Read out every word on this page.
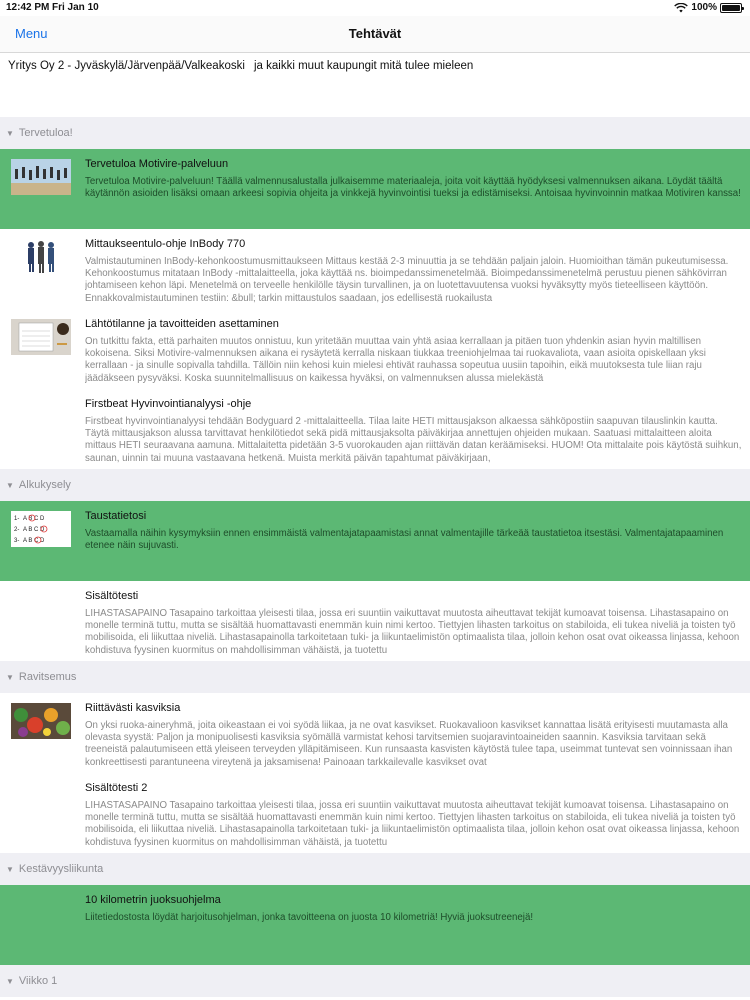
12:42 PM Fri Jan 10	100%
Menu	Tehtävät
Yritys Oy 2 - Jyväskylä/Järvenpää/Valkeakoski ja kaikki muut kaupungit mitä tulee mieleen
▼ Tervetuloa!
Tervetuloa Motivire-palveluun
Tervetuloa Motivire-palveluun! Täällä valmennusalustalla julkaisemme materiaaleja, joita voit käyttää hyödyksesi valmennuksen aikana. Löydät täältä käytännön asioiden lisäksi omaan arkeesi sopivia ohjeita ja vinkkejä hyvinvointisi tueksi ja edistämiseksi. Antoisaa hyvinvoinnin matkaa Motiviren kanssa!
Mittaukseentulo-ohje InBody 770
Valmistautuminen InBody-kehonkoostumusmittaukseen Mittaus kestää 2-3 minuuttia ja se tehdään paljain jaloin. Huomioithan tämän pukeutumisessa. Kehonkoostumus mitataan InBody -mittalaitteella, joka käyttää ns. bioimpedanssimenetelmää. Bioimpedanssimenetelmä perustuu pienen sähkövirran johtamiseen kehon läpi. Menetelmä on terveelle henkilölle täysin turvallinen, ja on luotettavuutensa vuoksi hyväksytty myös tieteelliseen käyttöön. Ennakkovalmistautuminen testiin: &bull; tarkin mittaustulos saadaan, jos edellisestä ruokailusta
Lähtötilanne ja tavoitteiden asettaminen
On tutkittu fakta, että parhaiten muutos onnistuu, kun yritetään muuttaa vain yhtä asiaa kerrallaan ja pitäen tuon yhdenkin asian hyvin maltillisen kokoisena. Siksi Motivire-valmennuksen aikana ei rysäytetä kerralla niskaan tiukkaa treeniohjelmaa tai ruokavaliota, vaan asioita opiskellaan yksi kerrallaan - ja sinulle sopivalla tahdilla. Tällöin niin kehosi kuin mielesi ehtivät rauhassa sopeutua uusiin tapoihin, eikä muutoksesta tule liian raju jäädäkseen pysyväksi. Koska suunnitelmallisuus on kaikessa hyväksi, on valmennuksen alussa mielekästä
Firstbeat Hyvinvointianalyysi -ohje
Firstbeat hyvinvointianalyysi tehdään Bodyguard 2 -mittalaitteella. Tilaa laite HETI mittausjakson alkaessa sähköpostiin saapuvan tilauslinkin kautta. Täytä mittausjakson alussa tarvittavat henkilötiedot sekä pidä mittausjaksolta päiväkirjaa annettujen ohjeiden mukaan. Saatuasi mittalaitteen aloita mittaus HETI seuraavana aamuna. Mittalaitetta pidetään 3-5 vuorokauden ajan riittävän datan keräämiseksi. HUOM! Ota mittalaite pois käytöstä suihkun, saunan, uinnin tai muuna vastaavana hetkenä. Muista merkitä päivän tapahtumat päiväkirjaan,
▼ Alkukysely
1- A B C D
2- A B C D
3- A B C D
Taustatietosi
Vastaamalla näihin kysymyksiin ennen ensimmäistä valmentajatapaamistasi annat valmentajille tärkeää taustatietoa itsestäsi. Valmentajatapaaminen etenee näin sujuvasti.
Sisältötesti
LIHASTASAPAINO Tasapaino tarkoittaa yleisesti tilaa, jossa eri suuntiin vaikuttavat muutosta aiheuttavat tekijät kumoavat toisensa. Lihastasapaino on monelle terminä tuttu, mutta se sisältää huomattavasti enemmän kuin nimi kertoo. Tiettyjen lihasten tarkoitus on stabiloida, eli tukea niveliä ja toisten työ mobilisoida, eli liikuttaa niveliä. Lihastasapainolla tarkoitetaan tuki- ja liikuntaelimistön optimaalista tilaa, jolloin kehon osat ovat oikeassa linjassa, kehoon kohdistuva fyysinen kuormitus on mahdollisimman vähäistä, ja tuotettu
▼ Ravitsemus
Riittävästi kasviksia
On yksi ruoka-aineryhmä, joita oikeastaan ei voi syödä liikaa, ja ne ovat kasvikset. Ruokavalioon kasvikset kannattaa lisätä erityisesti muutamasta alla olevasta syystä: Paljon ja monipuolisesti kasviksia syömällä varmistat kehosi tarvitsemien suojaravintoaineiden saannin. Kasviksia tarvitaan sekä treeneistä palautumiseen että yleiseen terveyden ylläpitämiseen. Kun runsaasta kasvisten käytöstä tulee tapa, useimmat tuntevat sen voinnissaan ihan konkreettisesti parantuneena vireytenä ja jaksamisena! Painoaan tarkkailevalle kasvikset ovat
Sisältötesti 2
LIHASTASAPAINO Tasapaino tarkoittaa yleisesti tilaa, jossa eri suuntiin vaikuttavat muutosta aiheuttavat tekijät kumoavat toisensa. Lihastasapaino on monelle terminä tuttu, mutta se sisältää huomattavasti enemmän kuin nimi kertoo. Tiettyjen lihasten tarkoitus on stabiloida, eli tukea niveliä ja toisten työ mobilisoida, eli liikuttaa niveliä. Lihastasapainolla tarkoitetaan tuki- ja liikuntaelimistön optimaalista tilaa, jolloin kehon osat ovat oikeassa linjassa, kehoon kohdistuva fyysinen kuormitus on mahdollisimman vähäistä, ja tuotettu
▼ Kestävyysliikunta
10 kilometrin juoksuohjelma
Liitetiedostosta löydät harjoitusohjelman, jonka tavoitteena on juosta 10 kilometriä! Hyviä juoksutreenejä!
▼ Viikko 1
